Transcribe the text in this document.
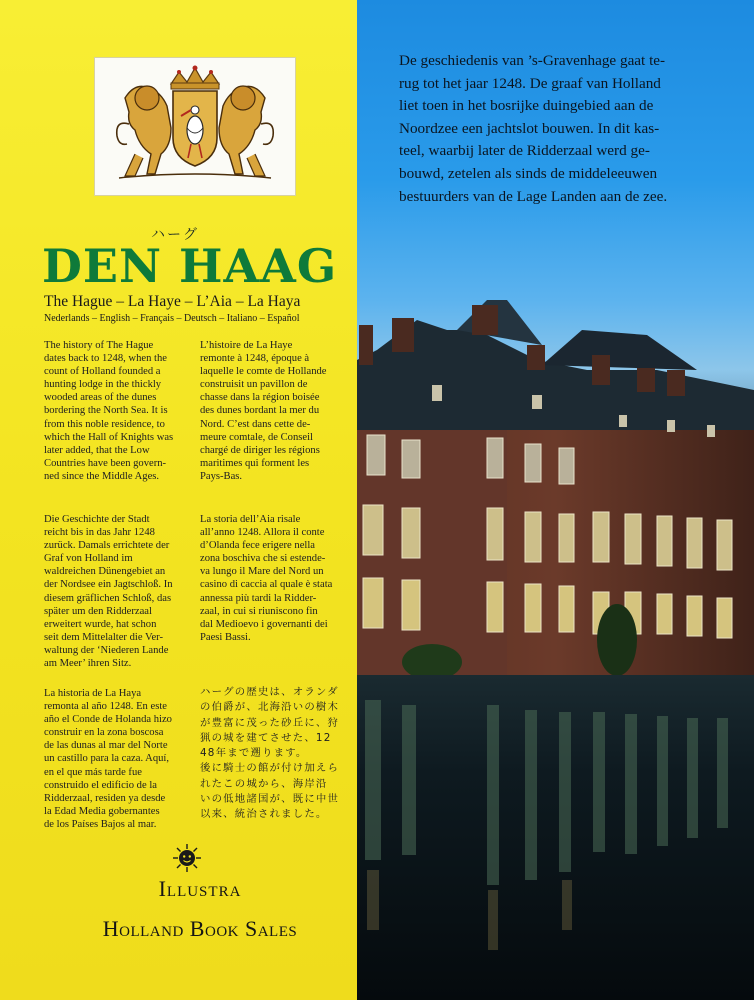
ハーグ
DEN HAAG
The Hague – La Haye – L’Aia – La Haya
Nederlands – English – Français – Deutsch – Italiano – Español
The history of The Hague
dates back to 1248, when the
count of Holland founded a
hunting lodge in the thickly
wooded areas of the dunes
bordering the North Sea. It is
from this noble residence, to
which the Hall of Knights was
later added, that the Low
Countries have been govern-
ned since the Middle Ages.
L’histoire de La Haye
remonte à 1248, époque à
laquelle le comte de Hollande
construisit un pavillon de
chasse dans la région boisée
des dunes bordant la mer du
Nord. C’est dans cette de-
meure comtale, de Conseil
chargé de diriger les régions
maritimes qui forment les
Pays-Bas.
Die Geschichte der Stadt
reicht bis in das Jahr 1248
zurück. Damals errichtete der
Graf von Holland im
waldreichen Dünengebiet an
der Nordsee ein Jagtschloß. In
diesem gräflichen Schloß, das
später um den Ridderzaal
erweitert wurde, hat schon
seit dem Mittelalter die Ver-
waltung der ‘Niederen Lande
am Meer’ ihren Sitz.
La storia dell’Aia risale
all’anno 1248. Allora il conte
d’Olanda fece erigere nella
zona boschiva che si estende-
va lungo il Mare del Nord un
casino di caccia al quale è stata
annessa più tardi la Ridder-
zaal, in cui si riuniscono fin
dal Medioevo i governanti dei
Paesi Bassi.
La historia de La Haya
remonta al año 1248. En este
año el Conde de Holanda hizo
construir en la zona boscosa
de las dunas al mar del Norte
un castillo para la caza. Aquí,
en el que más tarde fue
construido el edificio de la
Ridderzaal, residen ya desde
la Edad Media gobernantes
de los Países Bajos al mar.
ハーグの歴史は、オランダ
の伯爵が、北海沿いの樹木
が豊富に茂った砂丘に、狩
猟の城を建てさせた、12
48年まで遡ります。
後に騎士の館が付け加えら
れたこの城から、海岸沿
いの低地諸国が、既に中世
以来、統治されました。
Illustra
Holland Book Sales
De geschiedenis van ’s-Gravenhage gaat te-
rug tot het jaar 1248. De graaf van Holland
liet toen in het bosrijke duingebied aan de
Noordzee een jachtslot bouwen. In dit kas-
teel, waarbij later de Ridderzaal werd ge-
bouwd, zetelen als sinds de middeleeuwen
bestuurders van de Lage Landen aan de zee.
